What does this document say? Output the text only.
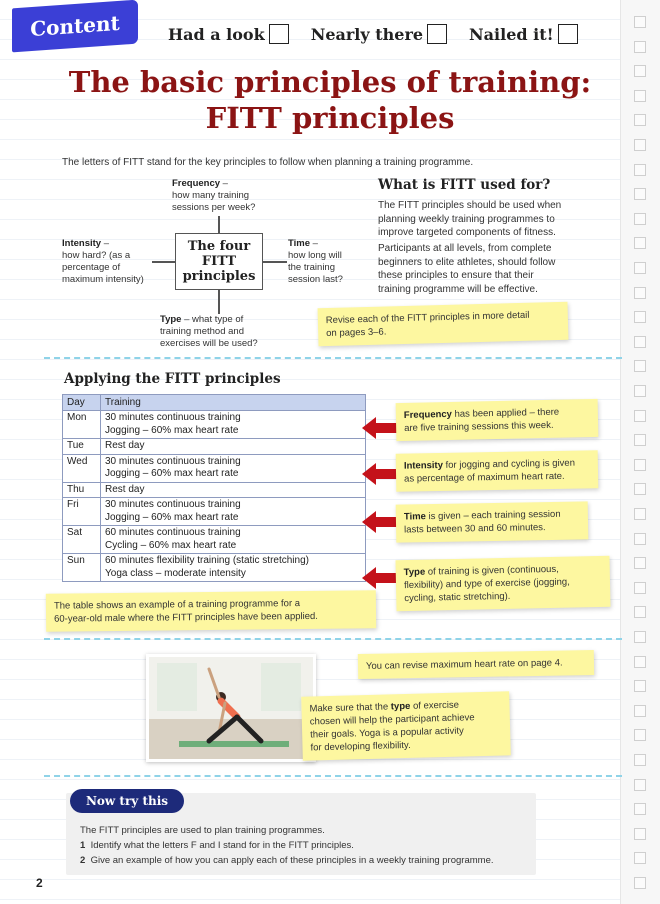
Content	Had a look	Nearly there	Nailed it!
The basic principles of training:
FITT principles
The letters of FITT stand for the key principles to follow when planning a training programme.
Frequency –
how many training
sessions per week?
Intensity –
how hard? (as a
percentage of
maximum intensity)
The four
FITT
principles
Time –
how long will
the training
session last?
Type – what type of
training method and
exercises will be used?
What is FITT used for?
The FITT principles should be used when
planning weekly training programmes to
improve targeted components of fitness.
Participants at all levels, from complete
beginners to elite athletes, should follow
these principles to ensure that their
training programme will be effective.
Revise each of the FITT principles in more detail
on pages 3–6.
Applying the FITT principles
Day	Training
Mon	30 minutes continuous training
Jogging – 60% max heart rate

Tue	Rest day

Wed	30 minutes continuous training
Jogging – 60% max heart rate

Thu	Rest day

Fri	30 minutes continuous training
Jogging – 60% max heart rate

Sat	60 minutes continuous training
Cycling – 60% max heart rate

Sun	60 minutes flexibility training (static stretching)
Yoga class – moderate intensity
The table shows an example of a training programme for a
60-year-old male where the FITT principles have been applied.
Frequency has been applied – there
are five training sessions this week.
Intensity for jogging and cycling is given
as percentage of maximum heart rate.
Time is given – each training session
lasts between 30 and 60 minutes.
Type of training is given (continuous,
flexibility) and type of exercise (jogging,
cycling, static stretching).
You can revise maximum heart rate on page 4.
Make sure that the type of exercise
chosen will help the participant achieve
their goals. Yoga is a popular activity
for developing flexibility.
Now try this
The FITT principles are used to plan training programmes.
1 Identify what the letters F and I stand for in the FITT principles.
2 Give an example of how you can apply each of these principles in a weekly training programme.
2
